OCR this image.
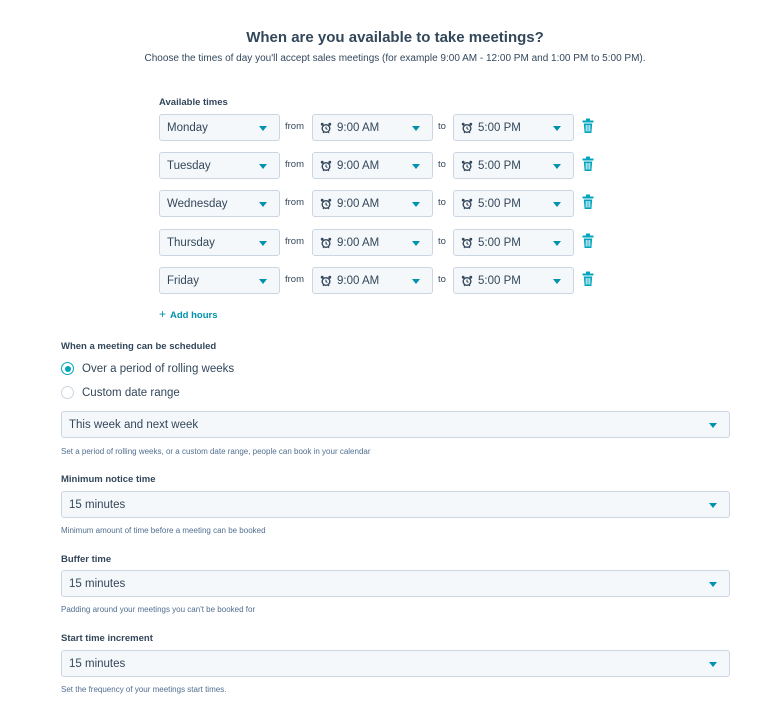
When are you available to take meetings?
Choose the times of day you'll accept sales meetings (for example 9:00 AM - 12:00 PM and 1:00 PM to 5:00 PM).
Available times
Monday	from	9:00 AM	to	5:00 PM
Tuesday	from	9:00 AM	to	5:00 PM
Wednesday	from	9:00 AM	to	5:00 PM
Thursday	from	9:00 AM	to	5:00 PM
Friday	from	9:00 AM	to	5:00 PM
+ Add hours
When a meeting can be scheduled
Over a period of rolling weeks
Custom date range
This week and next week
Set a period of rolling weeks, or a custom date range, people can book in your calendar
Minimum notice time
15 minutes
Minimum amount of time before a meeting can be booked
Buffer time
15 minutes
Padding around your meetings you can't be booked for
Start time increment
15 minutes
Set the frequency of your meetings start times.
